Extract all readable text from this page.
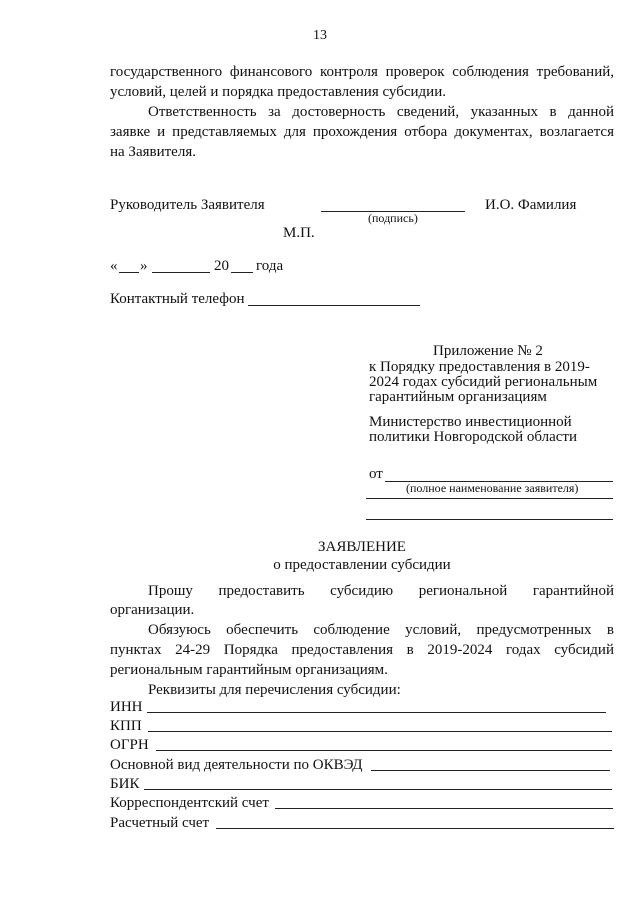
13
государственного финансового контроля проверок соблюдения требований,
условий, целей и порядка предоставления субсидии.
Ответственность за достоверность сведений, указанных в данной
заявке и представляемых для прохождения отбора документах, возлагается
на Заявителя.
Руководитель Заявителя
(подпись)
И.О. Фамилия
М.П.
« »	20 года
Контактный телефон
Приложение № 2
к Порядку предоставления в 2019-
2024 годах субсидий региональным
гарантийным организациям
Министерство инвестиционной
политики Новгородской области
от
(полное наименование заявителя)
ЗАЯВЛЕНИЕ
о предоставлении субсидии
Прошу предоставить субсидию региональной гарантийной
организации.
Обязуюсь обеспечить соблюдение условий, предусмотренных в
пунктах 24-29 Порядка предоставления в 2019-2024 годах субсидий
региональным гарантийным организациям.
Реквизиты для перечисления субсидии:
ИНН
КПП
ОГРН
Основной вид деятельности по ОКВЭД
БИК
Корреспондентский счет
Расчетный счет
